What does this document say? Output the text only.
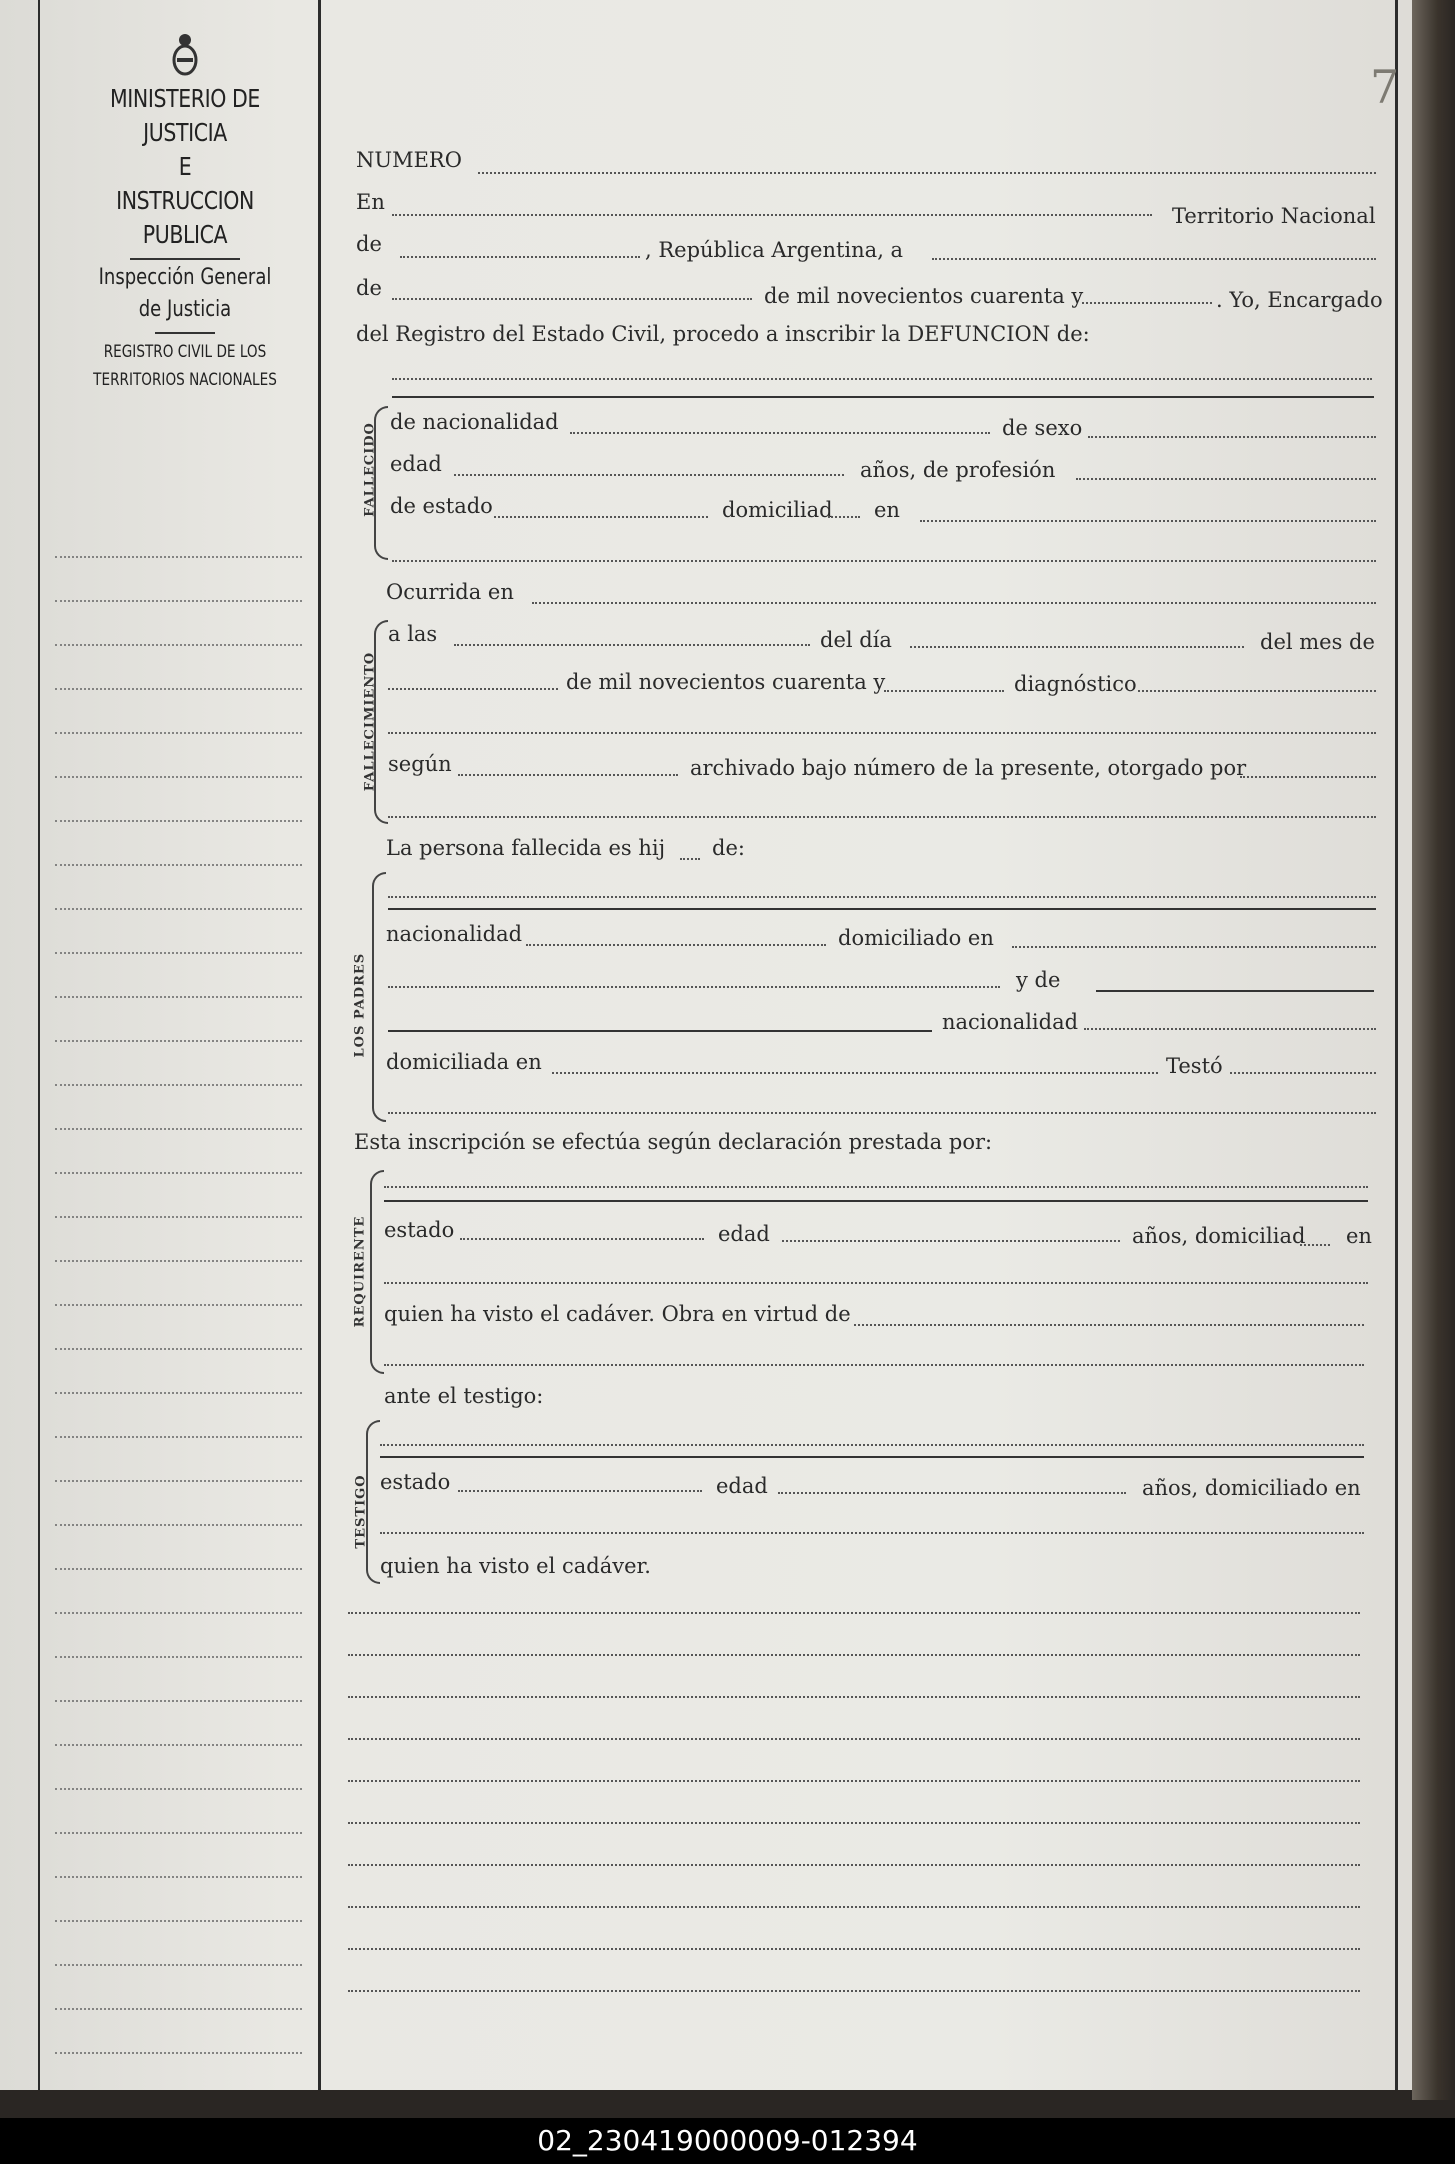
MINISTERIO DE JUSTICIA
E
INSTRUCCION PUBLICA
Inspección General
de Justicia
REGISTRO CIVIL DE LOS
TERRITORIOS NACIONALES
7
NUMERO
En
Territorio Nacional
de	, República Argentina, a
de	de mil novecientos cuarenta y	. Yo, Encargado
del Registro del Estado Civil, procedo a inscribir la DEFUNCION de:
FALLECIDO
de nacionalidad	de sexo
edad	años, de profesión
de estado	domiciliad en
Ocurrida en
FALLECIMIENTO
a las	del día	del mes de
de mil novecientos cuarenta y	diagnóstico
según	archivado bajo número de la presente, otorgado por
La persona fallecida es hij de:
LOS PADRES
nacionalidad	domiciliado en
y de
nacionalidad
domiciliada en	Testó
Esta inscripción se efectúa según declaración prestada por:
REQUIRENTE estado	edad	años, domiciliad en
quien ha visto el cadáver. Obra en virtud de
ante el testigo:
TESTIGO estado	edad	años, domiciliado en
quien ha visto el cadáver.
02_230419000009-012394
